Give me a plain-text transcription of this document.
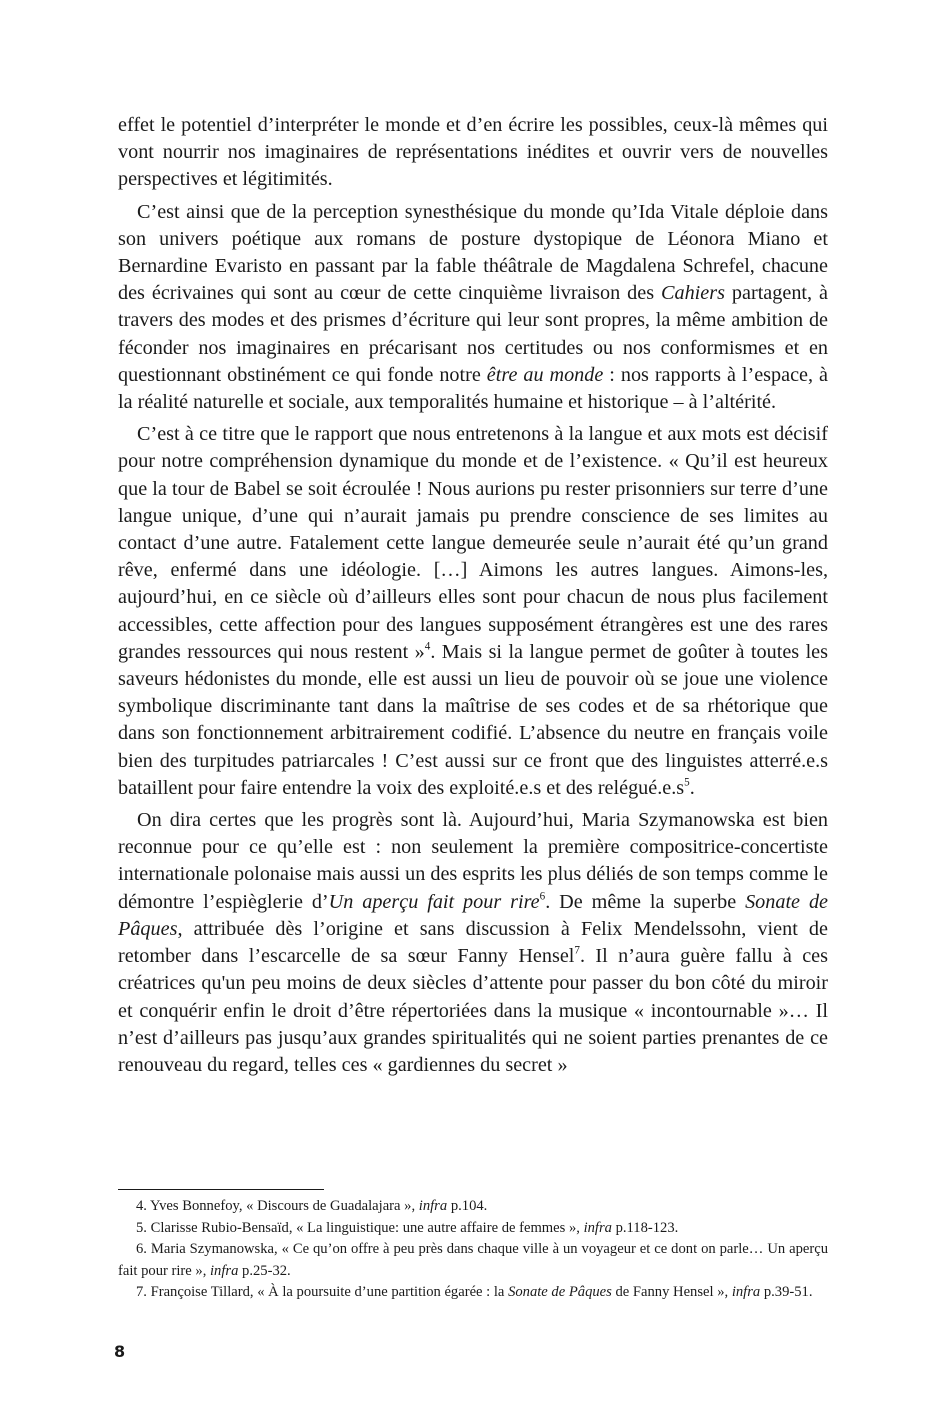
effet le potentiel d’interpréter le monde et d’en écrire les possibles, ceux-là mêmes qui vont nourrir nos imaginaires de représentations inédites et ouvrir vers de nouvelles perspectives et légitimités.

C’est ainsi que de la perception synesthésique du monde qu’Ida Vitale déploie dans son univers poétique aux romans de posture dystopique de Léonora Miano et Bernardine Evaristo en passant par la fable théâtrale de Magdalena Schrefel, chacune des écrivaines qui sont au cœur de cette cinquième livraison des Cahiers partagent, à travers des modes et des prismes d’écriture qui leur sont propres, la même ambition de féconder nos imaginaires en précarisant nos certitudes ou nos conformismes et en questionnant obstinément ce qui fonde notre être au monde : nos rapports à l’espace, à la réalité naturelle et sociale, aux temporalités humaine et historique – à l’altérité.

C’est à ce titre que le rapport que nous entretenons à la langue et aux mots est décisif pour notre compréhension dynamique du monde et de l’existence. « Qu’il est heureux que la tour de Babel se soit écroulée ! Nous aurions pu rester prisonniers sur terre d’une langue unique, d’une qui n’aurait jamais pu prendre conscience de ses limites au contact d’une autre. Fatalement cette langue demeurée seule n’aurait été qu’un grand rêve, enfermé dans une idéologie. […] Aimons les autres langues. Aimons-les, aujourd’hui, en ce siècle où d’ailleurs elles sont pour chacun de nous plus facilement accessibles, cette affection pour des langues supposément étrangères est une des rares grandes ressources qui nous restent »$^4$. Mais si la langue permet de goûter à toutes les saveurs hédonistes du monde, elle est aussi un lieu de pouvoir où se joue une violence symbolique discriminante tant dans la maîtrise de ses codes et de sa rhétorique que dans son fonctionnement arbitrairement codifié. L’absence du neutre en français voile bien des turpitudes patriarcales ! C’est aussi sur ce front que des linguistes atterré.e.s bataillent pour faire entendre la voix des exploité.e.s et des $relégué.e.s^5$.

On dira certes que les progrès sont là. Aujourd’hui, Maria Szymanowska est bien reconnue pour ce qu’elle est : non seulement la première compositrice-concertiste internationale polonaise mais aussi un des esprits les plus déliés de son temps comme le démontre l’espièglerie d’Un aperçu fait pour rire$^6$. De même la superbe Sonate de Pâques, attribuée dès l’origine et sans discussion à Felix Mendelssohn, vient de retomber dans l’escarcelle de sa sœur Fanny Hensel$^7$. Il n’aura guère fallu à ces créatrices qu'un peu moins de deux siècles d’attente pour passer du bon côté du miroir et conquérir enfin le droit d’être répertoriées dans la musique « incontournable »… Il n’est d’ailleurs pas jusqu’aux grandes spiritualités qui ne soient parties prenantes de ce renouveau du regard, telles ces « gardiennes du secret »

4. Yves Bonnefoy, « Discours de Guadalajara », infra p.104.

5. Clarisse Rubio-Bensaïd, « La linguistique: une autre affaire de femmes », infra p.118-123.

6. Maria Szymanowska, « Ce qu’on offre à peu près dans chaque ville à un voyageur et ce dont on parle… Un aperçu fait pour rire », infra p.25-32.

7. Françoise Tillard, « À la poursuite d’une partition égarée : la Sonate de Pâques de Fanny Hensel », infra p.39-51.

8
